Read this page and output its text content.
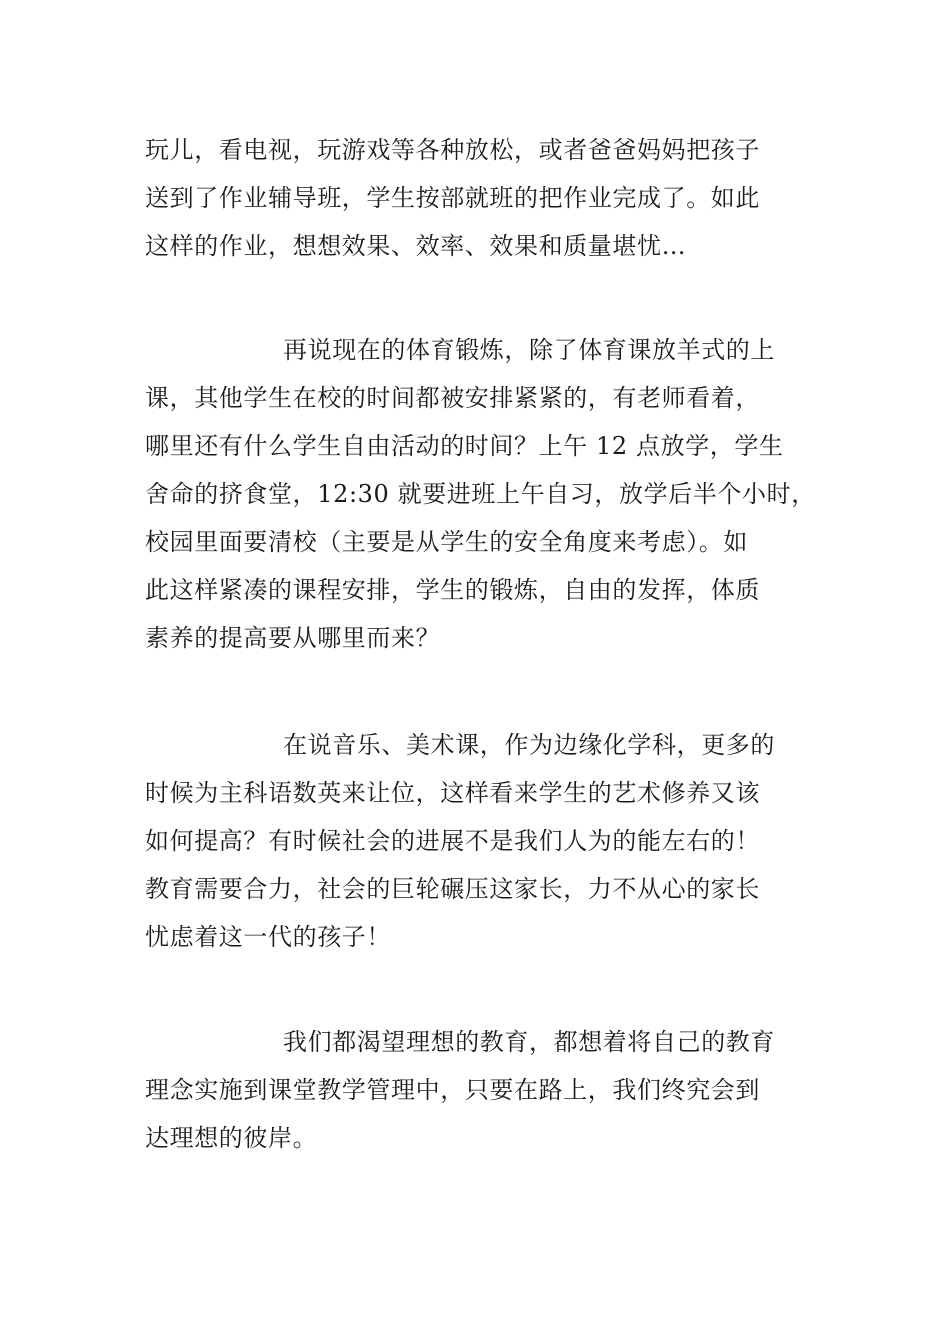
玩儿，看电视，玩游戏等各种放松，或者爸爸妈妈把孩子
送到了作业辅导班，学生按部就班的把作业完成了。如此
这样的作业，想想效果、效率、效果和质量堪忧…
再说现在的体育锻炼，除了体育课放羊式的上
课，其他学生在校的时间都被安排紧紧的，有老师看着，
哪里还有什么学生自由活动的时间？上午 12 点放学，学生
舍命的挤食堂，12:30 就要进班上午自习，放学后半个小时，
校园里面要清校（主要是从学生的安全角度来考虑）。如
此这样紧凑的课程安排，学生的锻炼，自由的发挥，体质
素养的提高要从哪里而来？
在说音乐、美术课，作为边缘化学科，更多的
时候为主科语数英来让位，这样看来学生的艺术修养又该
如何提高？有时候社会的进展不是我们人为的能左右的！
教育需要合力，社会的巨轮碾压这家长，力不从心的家长
忧虑着这一代的孩子！
我们都渴望理想的教育，都想着将自己的教育
理念实施到课堂教学管理中，只要在路上，我们终究会到
达理想的彼岸。
